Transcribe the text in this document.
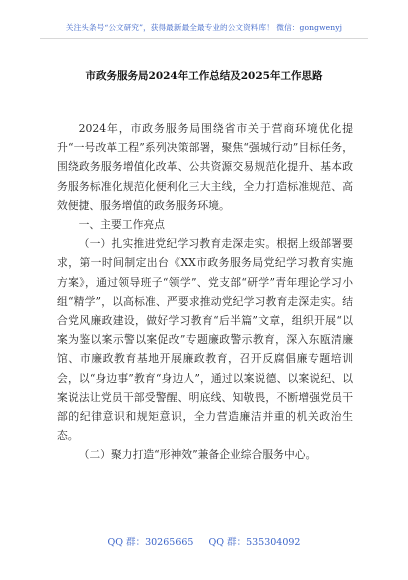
关注头条号“公文研究”，获得最新最全最专业的公文资料库！ 微信：gongwenyj
市政务服务局2024年工作总结及2025年工作思路

2024年，市政务服务局围绕省市关于营商环境优化提升“一号改革工程”系列决策部署，聚焦“强城行动”目标任务，围绕政务服务增值化改革、公共资源交易规范化提升、基本政务服务标准化规范化便利化三大主线，全力打造标准规范、高效便捷、服务增值的政务服务环境。

一、主要工作亮点

（一）扎实推进党纪学习教育走深走实。根据上级部署要求，第一时间制定出台《XX市政务服务局党纪学习教育实施方案》，通过领导班子“领学”、党支部“研学”青年理论学习小组“精学”，以高标准、严要求推动党纪学习教育走深走实。结合党风廉政建设，做好学习教育“后半篇”文章，组织开展“以案为鉴以案示警以案促改”专题廉政警示教育，深入东瓯清廉馆、市廉政教育基地开展廉政教育，召开反腐倡廉专题培训会，以“身边事”教育“身边人”，通过以案说德、以案说纪、以案说法让党员干部受警醒、明底线、知敬畏，不断增强党员干部的纪律意识和规矩意识，全力营造廉洁并重的机关政治生态。

（二）聚力打造“形神效”兼备企业综合服务中心。

QQ 群：30265665 QQ 群：535304092
